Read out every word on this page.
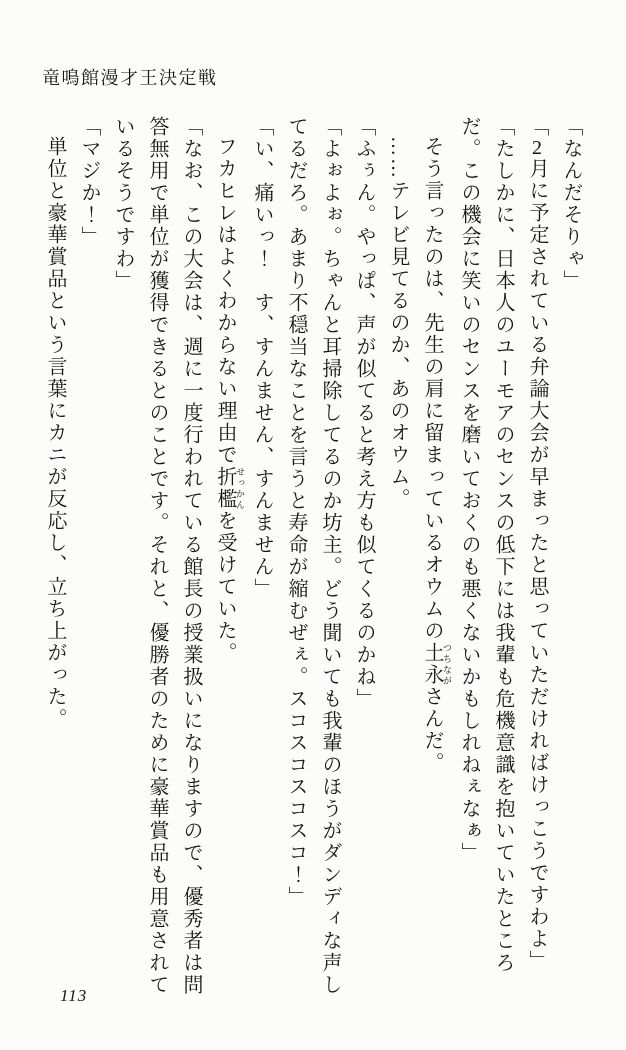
竜鳴館漫才王決定戦

「なんだそりゃ」

「2月に予定されている弁論大会が早まったと思っていただければけっこうですわよ」

「たしかに、日本人のユーモアのセンスの低下には我輩も危機意識を抱いていたところだ。この機会に笑いのセンスを磨いておくのも悪くないかもしれねぇなぁ」

そう言ったのは、先生の肩に留まっているオウムの土永 つちながさんだ。

……テレビ見てるのか、あのオウム。

「ふぅん。やっぱ、声が似てると考え方も似てくるのかね」

「よぉよぉ。ちゃんと耳掃除してるのか坊主。どう聞いても我輩のほうがダンディな声してるだろ。あまり不穏当なことを言うと寿命が縮むぜぇ。スコスコスコスコ！」

「い、痛いっ！　す、すんません、すんません」

フカヒレはよくわからない理由で折檻 せっかんを受けていた。

「なお、この大会は、週に一度行われている館長の授業扱いになりますので、優秀者は問答無用で単位が獲得できるとのことです。それと、優勝者のために豪華賞品も用意されているそうですわ」

「マジか！」

単位と豪華賞品という言葉にカニが反応し、立ち上がった。

113
